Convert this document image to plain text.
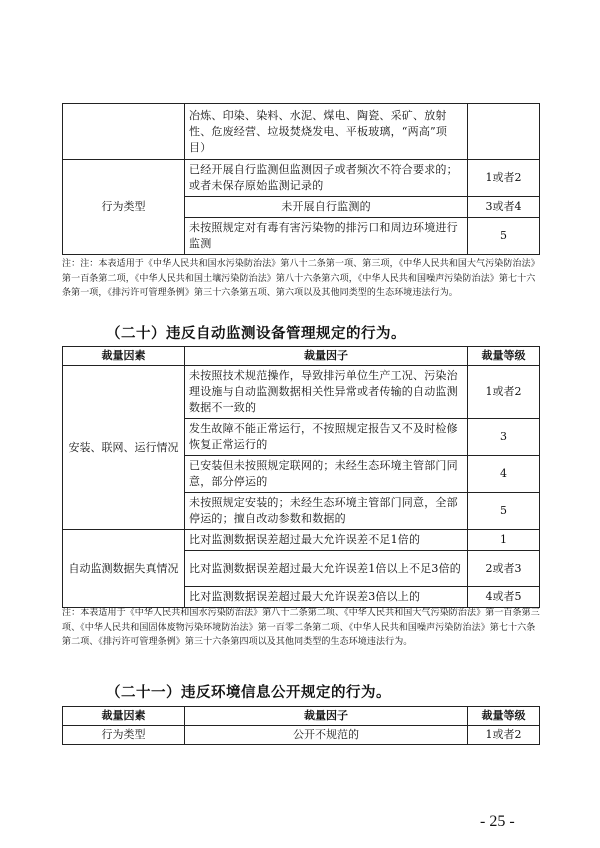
	冶炼、印染、染料、水泥、煤电、陶瓷、采矿、放射性、危废经营、垃圾焚烧发电、平板玻璃，“两高”项目）	
行为类型	已经开展自行监测但监测因子或者频次不符合要求的；或者未保存原始监测记录的	1或者2
	未开展自行监测的	3或者4
	未按照规定对有毒有害污染物的排污口和周边环境进行监测	5
注：注：本表适用于《中华人民共和国水污染防治法》第八十二条第一项、第三项，《中华人民共和国大气污染防治法》第一百条第二项，《中华人民共和国土壤污染防治法》第八十六条第六项，《中华人民共和国噪声污染防治法》第七十六条第一项，《排污许可管理条例》第三十六条第五项、第六项以及其他同类型的生态环境违法行为。
（二十）违反自动监测设备管理规定的行为。
裁量因素	裁量因子	裁量等级
安装、联网、运行情况	未按照技术规范操作，导致排污单位生产工况、污染治理设施与自动监测数据相关性异常或者传输的自动监测数据不一致的	1或者2
	发生故障不能正常运行，不按照规定报告又不及时检修恢复正常运行的	3
	已安装但未按照规定联网的；未经生态环境主管部门同意，部分停运的	4
	未按照规定安装的；未经生态环境主管部门同意，全部停运的；擅自改动参数和数据的	5
自动监测数据失真情况	比对监测数据误差超过最大允许误差不足1倍的	1
	比对监测数据误差超过最大允许误差1倍以上不足3倍的	2或者3
	比对监测数据误差超过最大允许误差3倍以上的	4或者5
注：本表适用于《中华人民共和国水污染防治法》第八十二条第二项、《中华人民共和国大气污染防治法》第一百条第三项、《中华人民共和国固体废物污染环境防治法》第一百零二条第二项、《中华人民共和国噪声污染防治法》第七十六条第二项、《排污许可管理条例》第三十六条第四项以及其他同类型的生态环境违法行为。
（二十一）违反环境信息公开规定的行为。
裁量因素	裁量因子	裁量等级
行为类型	公开不规范的	1或者2
- 25 -
